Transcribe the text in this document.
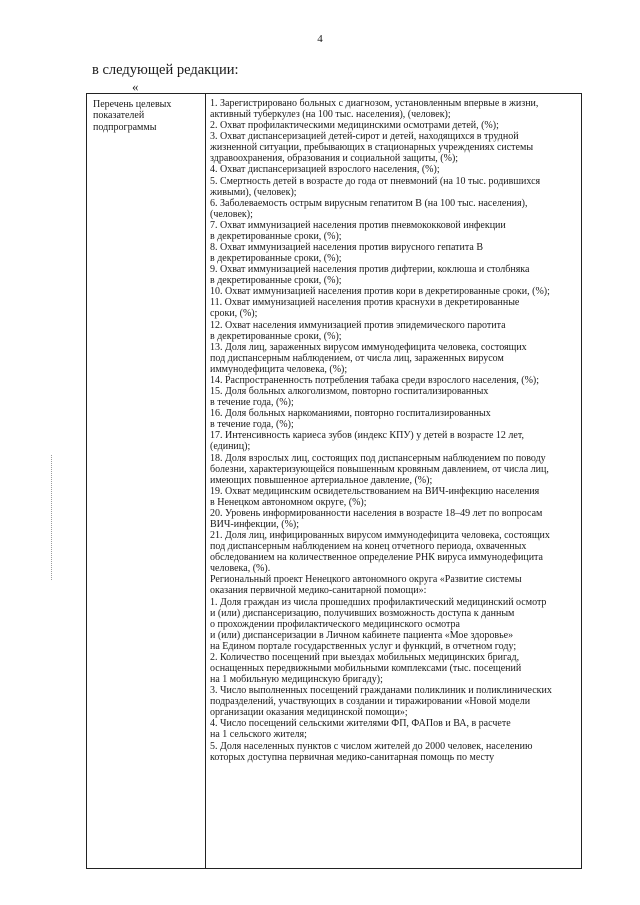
4
в следующей редакции:
«
Перечень целевых
показателей
подпрограммы
1. Зарегистрировано больных с диагнозом, установленным впервые в жизни,
активный туберкулез (на 100 тыс. населения), (человек);
2. Охват профилактическими медицинскими осмотрами детей, (%);
3. Охват диспансеризацией детей-сирот и детей, находящихся в трудной
жизненной ситуации, пребывающих в стационарных учреждениях системы
здравоохранения, образования и социальной защиты, (%);
4. Охват диспансеризацией взрослого населения, (%);
5. Смертность детей в возрасте до года от пневмоний (на 10 тыс. родившихся
живыми), (человек);
6. Заболеваемость острым вирусным гепатитом В (на 100 тыс. населения),
(человек);
7. Охват иммунизацией населения против пневмококковой инфекции
в декретированные сроки, (%);
8. Охват иммунизацией населения против вирусного гепатита В
в декретированные сроки, (%);
9. Охват иммунизацией населения против дифтерии, коклюша и столбняка
в декретированные сроки, (%);
10. Охват иммунизацией населения против кори в декретированные сроки, (%);
11. Охват иммунизацией населения против краснухи в декретированные
сроки, (%);
12. Охват населения иммунизацией против эпидемического паротита
в декретированные сроки, (%);
13. Доля лиц, зараженных вирусом иммунодефицита человека, состоящих
под диспансерным наблюдением, от числа лиц, зараженных вирусом
иммунодефицита человека, (%);
14. Распространенность потребления табака среди взрослого населения, (%);
15. Доля больных алкоголизмом, повторно госпитализированных
в течение года, (%);
16. Доля больных наркоманиями, повторно госпитализированных
в течение года, (%);
17. Интенсивность кариеса зубов (индекс КПУ) у детей в возрасте 12 лет,
(единиц);
18. Доля взрослых лиц, состоящих под диспансерным наблюдением по поводу
болезни, характеризующейся повышенным кровяным давлением, от числа лиц,
имеющих повышенное артериальное давление, (%);
19. Охват медицинским освидетельствованием на ВИЧ-инфекцию населения
в Ненецком автономном округе, (%);
20. Уровень информированности населения в возрасте 18–49 лет по вопросам
ВИЧ-инфекции, (%);
21. Доля лиц, инфицированных вирусом иммунодефицита человека, состоящих
под диспансерным наблюдением на конец отчетного периода, охваченных
обследованием на количественное определение РНК вируса иммунодефицита
человека, (%).
Региональный проект Ненецкого автономного округа «Развитие системы
оказания первичной медико-санитарной помощи»:
1. Доля граждан из числа прошедших профилактический медицинский осмотр
и (или) диспансеризацию, получивших возможность доступа к данным
о прохождении профилактического медицинского осмотра
и (или) диспансеризации в Личном кабинете пациента «Мое здоровье»
на Едином портале государственных услуг и функций, в отчетном году;
2. Количество посещений при выездах мобильных медицинских бригад,
оснащенных передвижными мобильными комплексами (тыс. посещений
на 1 мобильную медицинскую бригаду);
3. Число выполненных посещений гражданами поликлиник и поликлинических
подразделений, участвующих в создании и тиражировании «Новой модели
организации оказания медицинской помощи»;
4. Число посещений сельскими жителями ФП, ФАПов и ВА, в расчете
на 1 сельского жителя;
5. Доля населенных пунктов с числом жителей до 2000 человек, населению
которых доступна первичная медико-санитарная помощь по месту
